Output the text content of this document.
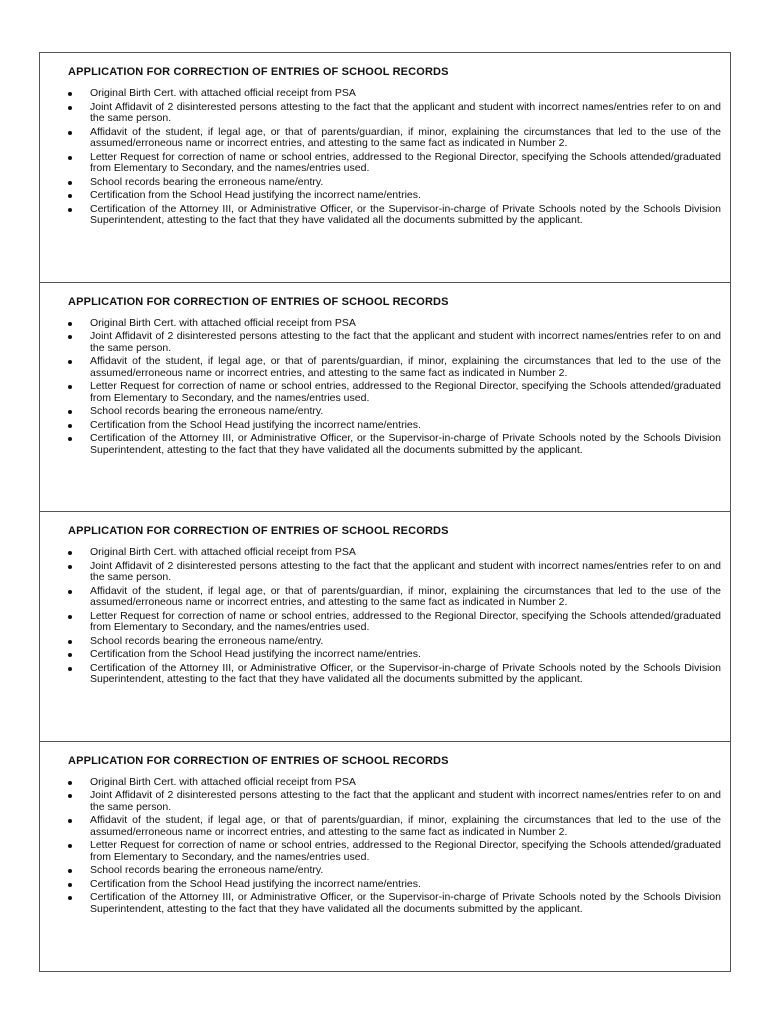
APPLICATION FOR CORRECTION OF ENTRIES OF SCHOOL RECORDS
Original Birth Cert. with attached official receipt from PSA
Joint Affidavit of 2 disinterested persons attesting to the fact that the applicant and student with incorrect names/entries refer to on and the same person.
Affidavit of the student, if legal age, or that of parents/guardian, if minor, explaining the circumstances that led to the use of the assumed/erroneous name or incorrect entries, and attesting to the same fact as indicated in Number 2.
Letter Request for correction of name or school entries, addressed to the Regional Director, specifying the Schools attended/graduated from Elementary to Secondary, and the names/entries used.
School records bearing the erroneous name/entry.
Certification from the School Head justifying the incorrect name/entries.
Certification of the Attorney III, or Administrative Officer, or the Supervisor-in-charge of Private Schools noted by the Schools Division Superintendent, attesting to the fact that they have validated all the documents submitted by the applicant.
APPLICATION FOR CORRECTION OF ENTRIES OF SCHOOL RECORDS
Original Birth Cert. with attached official receipt from PSA
Joint Affidavit of 2 disinterested persons attesting to the fact that the applicant and student with incorrect names/entries refer to on and the same person.
Affidavit of the student, if legal age, or that of parents/guardian, if minor, explaining the circumstances that led to the use of the assumed/erroneous name or incorrect entries, and attesting to the same fact as indicated in Number 2.
Letter Request for correction of name or school entries, addressed to the Regional Director, specifying the Schools attended/graduated from Elementary to Secondary, and the names/entries used.
School records bearing the erroneous name/entry.
Certification from the School Head justifying the incorrect name/entries.
Certification of the Attorney III, or Administrative Officer, or the Supervisor-in-charge of Private Schools noted by the Schools Division Superintendent, attesting to the fact that they have validated all the documents submitted by the applicant.
APPLICATION FOR CORRECTION OF ENTRIES OF SCHOOL RECORDS
Original Birth Cert. with attached official receipt from PSA
Joint Affidavit of 2 disinterested persons attesting to the fact that the applicant and student with incorrect names/entries refer to on and the same person.
Affidavit of the student, if legal age, or that of parents/guardian, if minor, explaining the circumstances that led to the use of the assumed/erroneous name or incorrect entries, and attesting to the same fact as indicated in Number 2.
Letter Request for correction of name or school entries, addressed to the Regional Director, specifying the Schools attended/graduated from Elementary to Secondary, and the names/entries used.
School records bearing the erroneous name/entry.
Certification from the School Head justifying the incorrect name/entries.
Certification of the Attorney III, or Administrative Officer, or the Supervisor-in-charge of Private Schools noted by the Schools Division Superintendent, attesting to the fact that they have validated all the documents submitted by the applicant.
APPLICATION FOR CORRECTION OF ENTRIES OF SCHOOL RECORDS
Original Birth Cert. with attached official receipt from PSA
Joint Affidavit of 2 disinterested persons attesting to the fact that the applicant and student with incorrect names/entries refer to on and the same person.
Affidavit of the student, if legal age, or that of parents/guardian, if minor, explaining the circumstances that led to the use of the assumed/erroneous name or incorrect entries, and attesting to the same fact as indicated in Number 2.
Letter Request for correction of name or school entries, addressed to the Regional Director, specifying the Schools attended/graduated from Elementary to Secondary, and the names/entries used.
School records bearing the erroneous name/entry.
Certification from the School Head justifying the incorrect name/entries.
Certification of the Attorney III, or Administrative Officer, or the Supervisor-in-charge of Private Schools noted by the Schools Division Superintendent, attesting to the fact that they have validated all the documents submitted by the applicant.
